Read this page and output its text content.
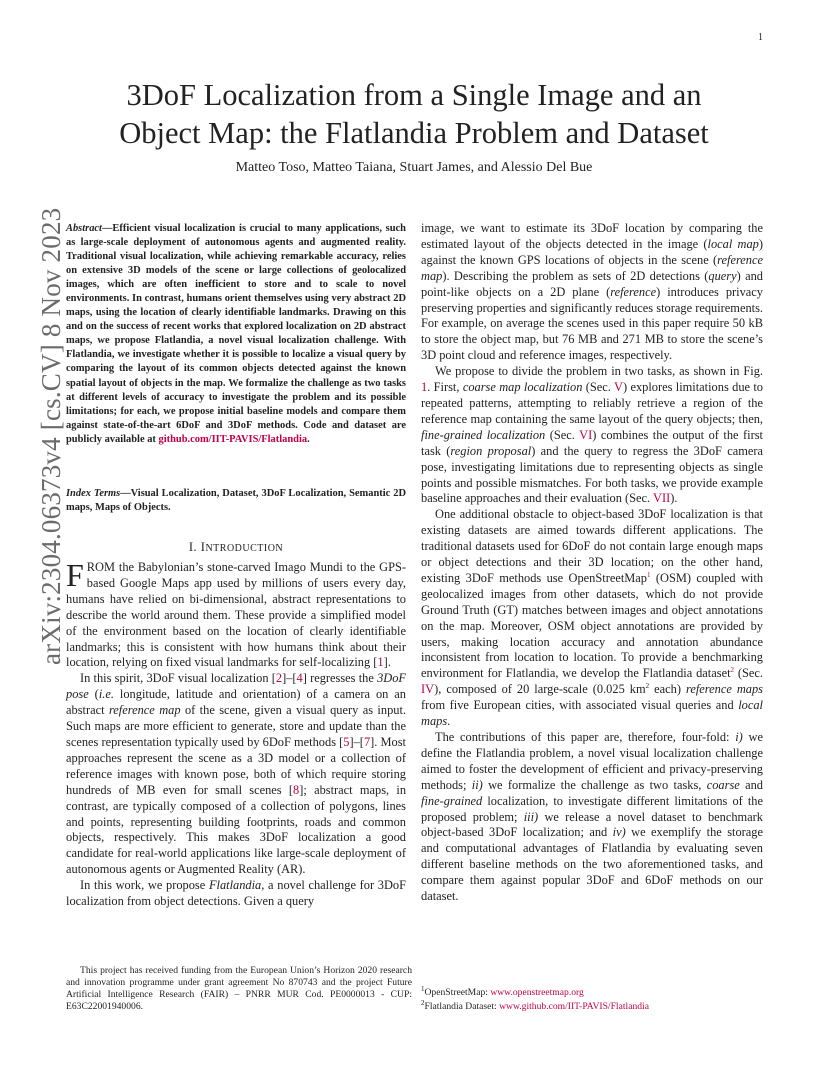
1
arXiv:2304.06373v4 [cs.CV] 8 Nov 2023
3DoF Localization from a Single Image and an
Object Map: the Flatlandia Problem and Dataset
Matteo Toso, Matteo Taiana, Stuart James, and Alessio Del Bue
Abstract—Efficient visual localization is crucial to many applications, such as large-scale deployment of autonomous agents and augmented reality. Traditional visual localization, while achieving remarkable accuracy, relies on extensive 3D models of the scene or large collections of geolocalized images, which are often inefficient to store and to scale to novel environments. In contrast, humans orient themselves using very abstract 2D maps, using the location of clearly identifiable landmarks. Drawing on this and on the success of recent works that explored localization on 2D abstract maps, we propose Flatlandia, a novel visual localization challenge. With Flatlandia, we investigate whether it is possible to localize a visual query by comparing the layout of its common objects detected against the known spatial layout of objects in the map. We formalize the challenge as two tasks at different levels of accuracy to investigate the problem and its possible limitations; for each, we propose initial baseline models and compare them against state-of-the-art 6DoF and 3DoF methods. Code and dataset are publicly available at github.com/IIT-PAVIS/Flatlandia.
Index Terms—Visual Localization, Dataset, 3DoF Localization, Semantic 2D maps, Maps of Objects.
I. INTRODUCTION

FROM the Babylonian’s stone-carved Imago Mundi to the GPS-based Google Maps app used by millions of users every day, humans have relied on bi-dimensional, abstract representations to describe the world around them. These provide a simplified model of the environment based on the location of clearly identifiable landmarks; this is consistent with how humans think about their location, relying on fixed visual landmarks for self-localizing [1].

In this spirit, 3DoF visual localization [2]–[4] regresses the 3DoF pose (i.e. longitude, latitude and orientation) of a camera on an abstract reference map of the scene, given a visual query as input. Such maps are more efficient to generate, store and update than the scenes representation typically used by 6DoF methods [5]–[7]. Most approaches represent the scene as a 3D model or a collection of reference images with known pose, both of which require storing hundreds of MB even for small scenes [8]; abstract maps, in contrast, are typically composed of a collection of polygons, lines and points, representing building footprints, roads and common objects, respectively. This makes 3DoF localization a good candidate for real-world applications like large-scale deployment of autonomous agents or Augmented Reality (AR).

In this work, we propose Flatlandia, a novel challenge for 3DoF localization from object detections. Given a query

This project has received funding from the European Union’s Horizon 2020 research and innovation programme under grant agreement No 870743 and the project Future Artificial Intelligence Research (FAIR) – PNRR MUR Cod. PE0000013 - CUP: E63C22001940006.

image, we want to estimate its 3DoF location by comparing the estimated layout of the objects detected in the image (local map) against the known GPS locations of objects in the scene (reference map). Describing the problem as sets of 2D detections (query) and point-like objects on a 2D plane (reference) introduces privacy preserving properties and significantly reduces storage requirements. For example, on average the scenes used in this paper require 50 kB to store the object map, but 76 MB and 271 MB to store the scene’s 3D point cloud and reference images, respectively.

We propose to divide the problem in two tasks, as shown in Fig. 1. First, coarse map localization (Sec. V) explores limitations due to repeated patterns, attempting to reliably retrieve a region of the reference map containing the same layout of the query objects; then, fine-grained localization (Sec. VI) combines the output of the first task (region proposal) and the query to regress the 3DoF camera pose, investigating limitations due to representing objects as single points and possible mismatches. For both tasks, we provide example baseline approaches and their evaluation (Sec. VII).

One additional obstacle to object-based 3DoF localization is that existing datasets are aimed towards different applications. The traditional datasets used for 6DoF do not contain large enough maps or object detections and their 3D location; on the other hand, existing 3DoF methods use OpenStreetMap$^1$ (OSM) coupled with geolocalized images from other datasets, which do not provide Ground Truth (GT) matches between images and object annotations on the map. Moreover, OSM object annotations are provided by users, making location accuracy and annotation abundance inconsistent from location to location. To provide a benchmarking environment for Flatlandia, we develop the Flatlandia dataset$^2$ (Sec. IV), composed of 20 large-scale (0.025 $km^2$ each) reference maps from five European cities, with associated visual queries and local maps.

The contributions of this paper are, therefore, four-fold: i) we define the Flatlandia problem, a novel visual localization challenge aimed to foster the development of efficient and privacy-preserving methods; ii) we formalize the challenge as two tasks, coarse and fine-grained localization, to investigate different limitations of the proposed problem; iii) we release a novel dataset to benchmark object-based 3DoF localization; and iv) we exemplify the storage and computational advantages of Flatlandia by evaluating seven different baseline methods on the two aforementioned tasks, and compare them against popular 3DoF and 6DoF methods on our dataset.

$^1$OpenStreetMap: www.openstreetmap.org
$^2$Flatlandia Dataset: www.github.com/IIT-PAVIS/Flatlandia
